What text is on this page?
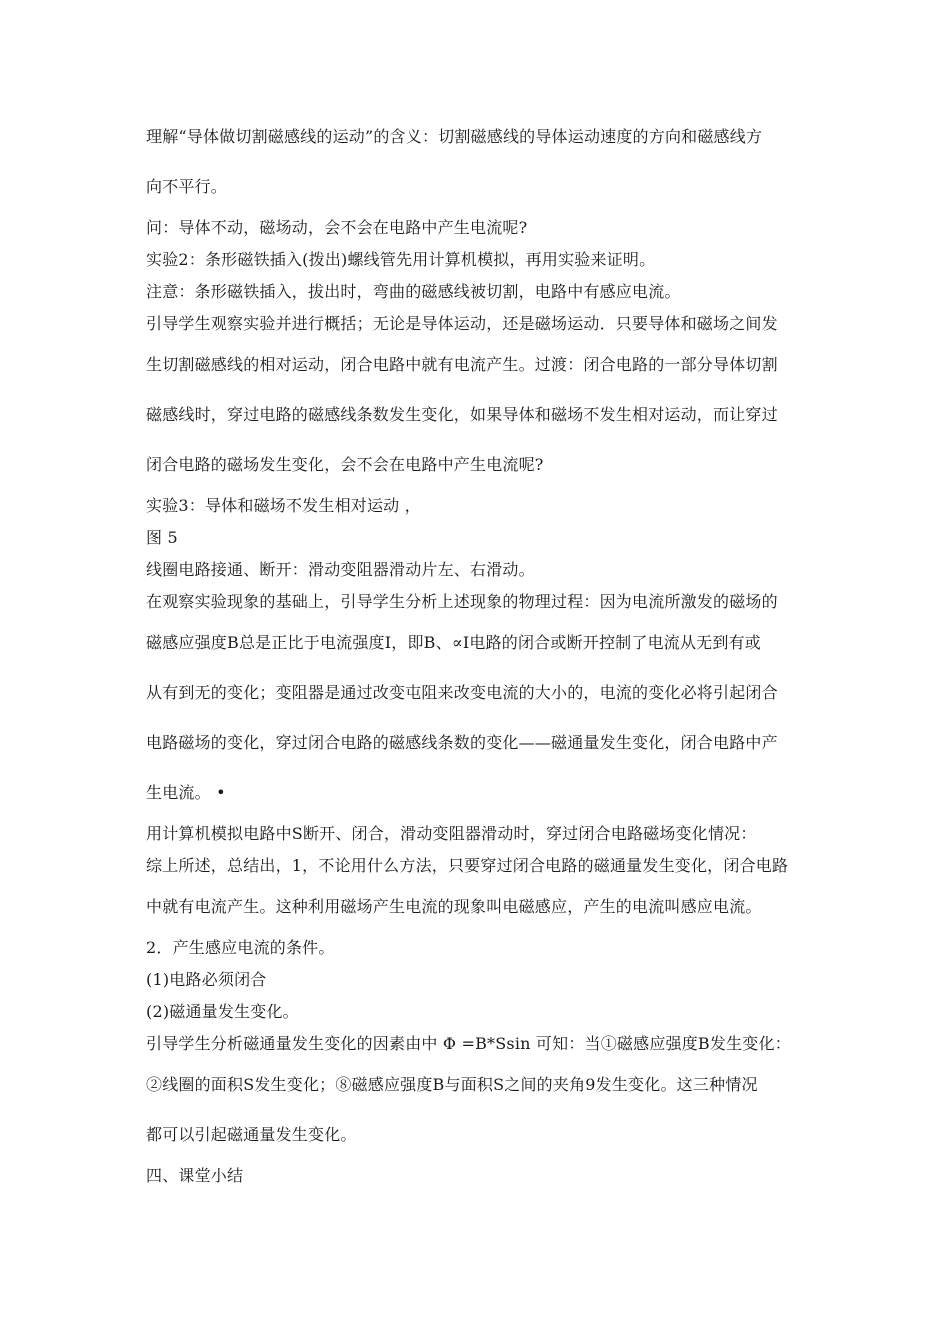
理解“导体做切割磁感线的运动”的含义：切割磁感线的导体运动速度的方向和磁感线方

向不平行。

问：导体不动，磁场动，会不会在电路中产生电流呢?

实验2：条形磁铁插入(拨出)螺线管先用计算机模拟，再用实验来证明。

注意：条形磁铁插入，拔出时，弯曲的磁感线被切割，电路中有感应电流。

引导学生观察实验并进行概括；无论是导体运动，还是磁场运动．只要导体和磁场之间发

生切割磁感线的相对运动，闭合电路中就有电流产生。过渡：闭合电路的一部分导体切割

磁感线时，穿过电路的磁感线条数发生变化，如果导体和磁场不发生相对运动，而让穿过

闭合电路的磁场发生变化，会不会在电路中产生电流呢?

实验3：导体和磁场不发生相对运动 ，

图 5

线圈电路接通、断开：滑动变阻器滑动片左、右滑动。

在观察实验现象的基础上，引导学生分析上述现象的物理过程：因为电流所激发的磁场的

磁感应强度B总是正比于电流强度I，即B、∝I电路的闭合或断开控制了电流从无到有或

从有到无的变化；变阻器是通过改变屯阻来改变电流的大小的，电流的变化必将引起闭合

电路磁场的变化，穿过闭合电路的磁感线条数的变化——磁通量发生变化，闭合电路中产

生电流。 •

用计算机模拟电路中S断开、闭合，滑动变阻器滑动时，穿过闭合电路磁场变化情况：

综上所述，总结出，1，不论用什么方法，只要穿过闭合电路的磁通量发生变化，闭合电路

中就有电流产生。这种利用磁场产生电流的现象叫电磁感应，产生的电流叫感应电流。

2．产生感应电流的条件。

(1)电路必须闭合

(2)磁通量发生变化。

引导学生分析磁通量发生变化的因素由中 Φ =B*Ssin 可知：当①磁感应强度B发生变化：

②线圈的面积S发生变化；⑧磁感应强度B与面积S之间的夹角9发生变化。这三种情况

都可以引起磁通量发生变化。

四、课堂小结
